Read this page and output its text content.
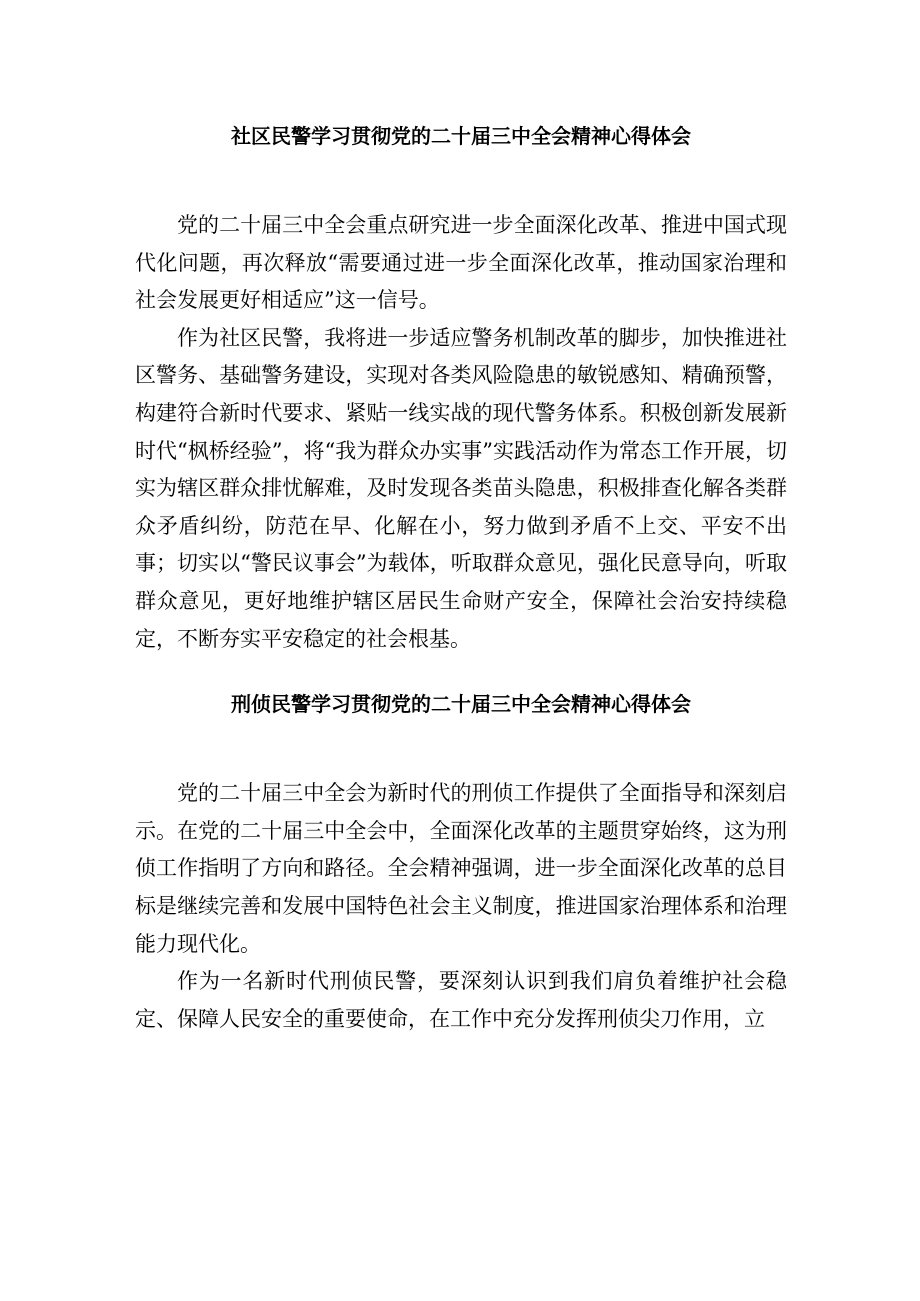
社区民警学习贯彻党的二十届三中全会精神心得体会

党的二十届三中全会重点研究进一步全面深化改革、推进中国式现代化问题，再次释放“需要通过进一步全面深化改革，推动国家治理和社会发展更好相适应”这一信号。

作为社区民警，我将进一步适应警务机制改革的脚步，加快推进社区警务、基础警务建设，实现对各类风险隐患的敏锐感知、精确预警，构建符合新时代要求、紧贴一线实战的现代警务体系。积极创新发展新时代“枫桥经验”，将“我为群众办实事”实践活动作为常态工作开展，切实为辖区群众排忧解难，及时发现各类苗头隐患，积极排查化解各类群众矛盾纠纷，防范在早、化解在小，努力做到矛盾不上交、平安不出事；切实以“警民议事会”为载体，听取群众意见，强化民意导向，听取群众意见，更好地维护辖区居民生命财产安全，保障社会治安持续稳定，不断夯实平安稳定的社会根基。

刑侦民警学习贯彻党的二十届三中全会精神心得体会

党的二十届三中全会为新时代的刑侦工作提供了全面指导和深刻启示。在党的二十届三中全会中，全面深化改革的主题贯穿始终，这为刑侦工作指明了方向和路径。全会精神强调，进一步全面深化改革的总目标是继续完善和发展中国特色社会主义制度，推进国家治理体系和治理能力现代化。

作为一名新时代刑侦民警，要深刻认识到我们肩负着维护社会稳定、保障人民安全的重要使命，在工作中充分发挥刑侦尖刀作用，立
